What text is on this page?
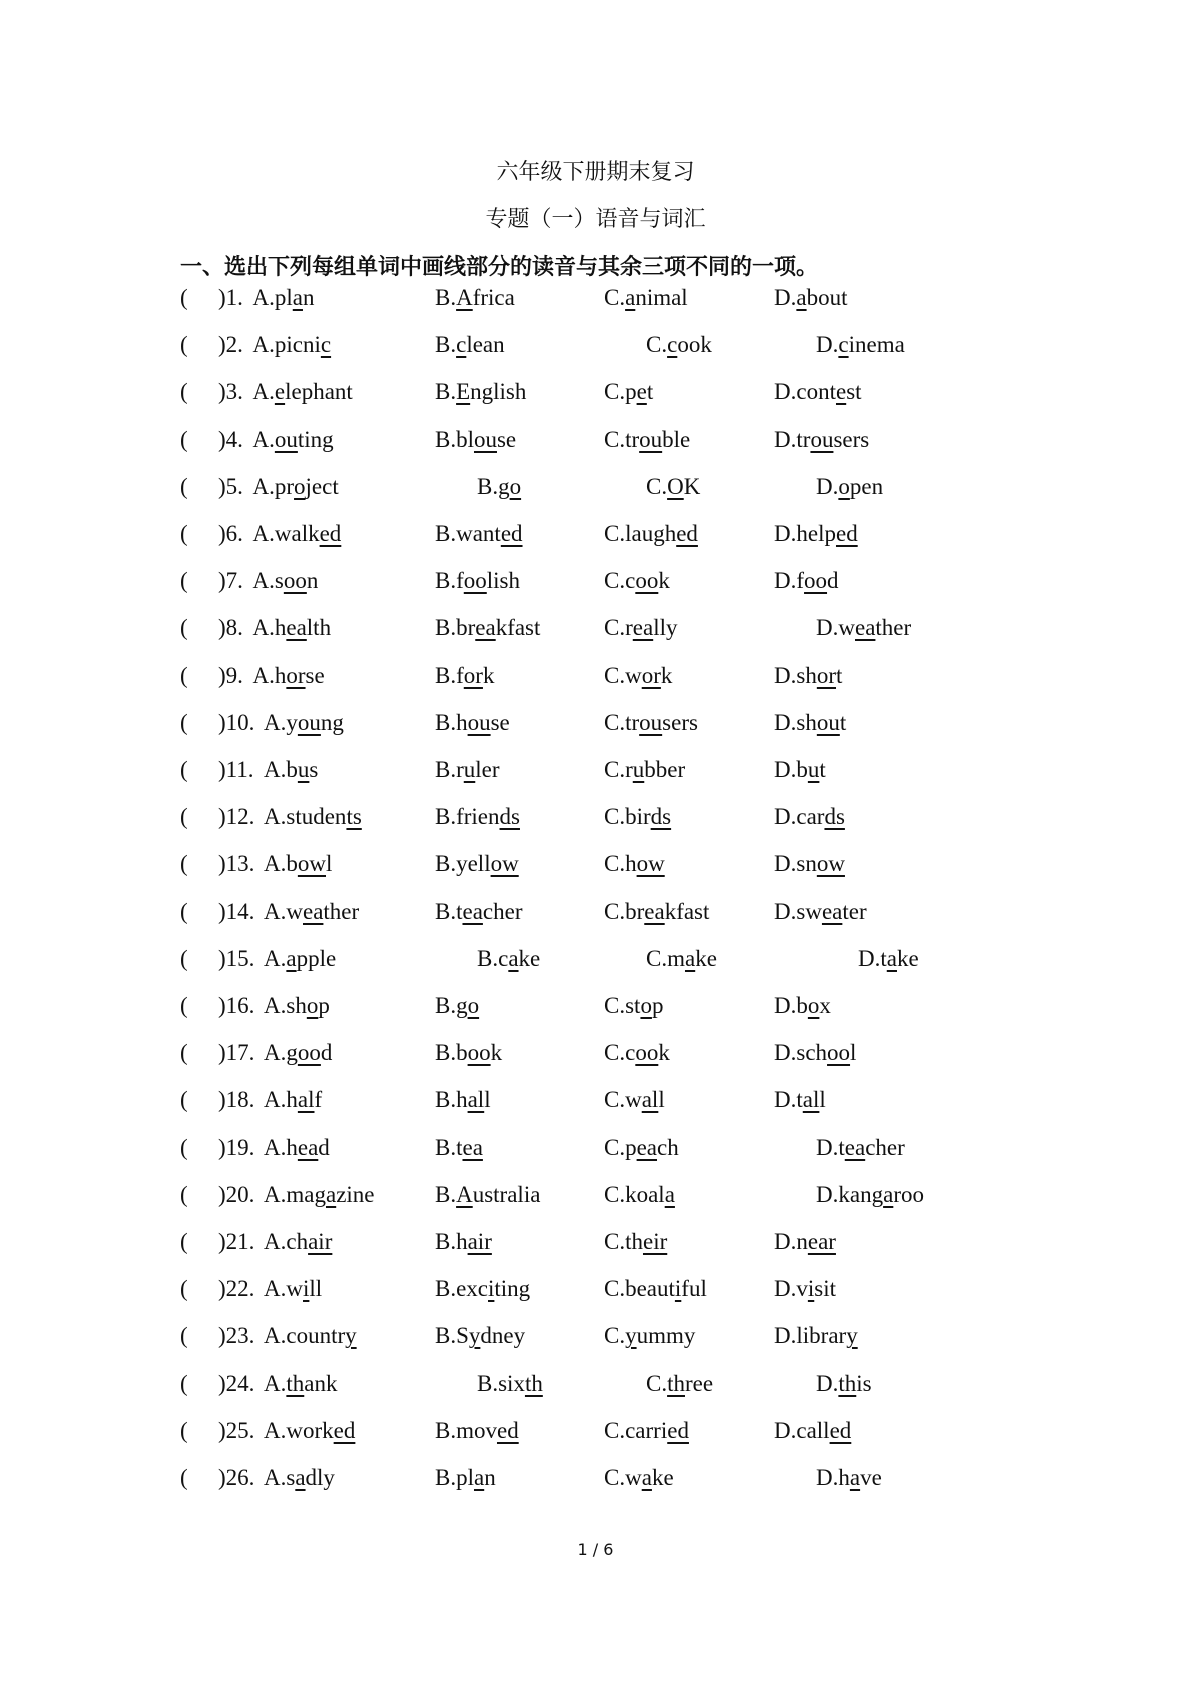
六年级下册期末复习
专题（一）语音与词汇
一、选出下列每组单词中画线部分的读音与其余三项不同的一项。
( )1. A.plan	B.Africa	C.animal	D.about
( )2. A.picnic	B.clean	C.cook	D.cinema
( )3. A.elephant	B.English	C.pet	D.contest
( )4. A.outing	B.blouse	C.trouble	D.trousers
( )5. A.project	B.go	C.OK	D.open
( )6. A.walked	B.wanted	C.laughed	D.helped
( )7. A.soon	B.foolish	C.cook	D.food
( )8. A.health	B.breakfast	C.really	D.weather
( )9. A.horse	B.fork	C.work	D.short
( )10. A.young	B.house	C.trousers	D.shout
( )11. A.bus	B.ruler	C.rubber	D.but
( )12. A.students	B.friends	C.birds	D.cards
( )13. A.bowl	B.yellow	C.how	D.snow
( )14. A.weather	B.teacher	C.breakfast	D.sweater
( )15. A.apple	B.cake	C.make	D.take
( )16. A.shop	B.go	C.stop	D.box
( )17. A.good	B.book	C.cook	D.school
( )18. A.half	B.hall	C.wall	D.tall
( )19. A.head	B.tea	C.peach	D.teacher
( )20. A.magazine	B.Australia	C.koala	D.kangaroo
( )21. A.chair	B.hair	C.their	D.near
( )22. A.will	B.exciting	C.beautiful	D.visit
( )23. A.country	B.Sydney	C.yummy	D.library
( )24. A.thank	B.sixth	C.three	D.this
( )25. A.worked	B.moved	C.carried	D.called
( )26. A.sadly	B.plan	C.wake	D.have
1 / 6
